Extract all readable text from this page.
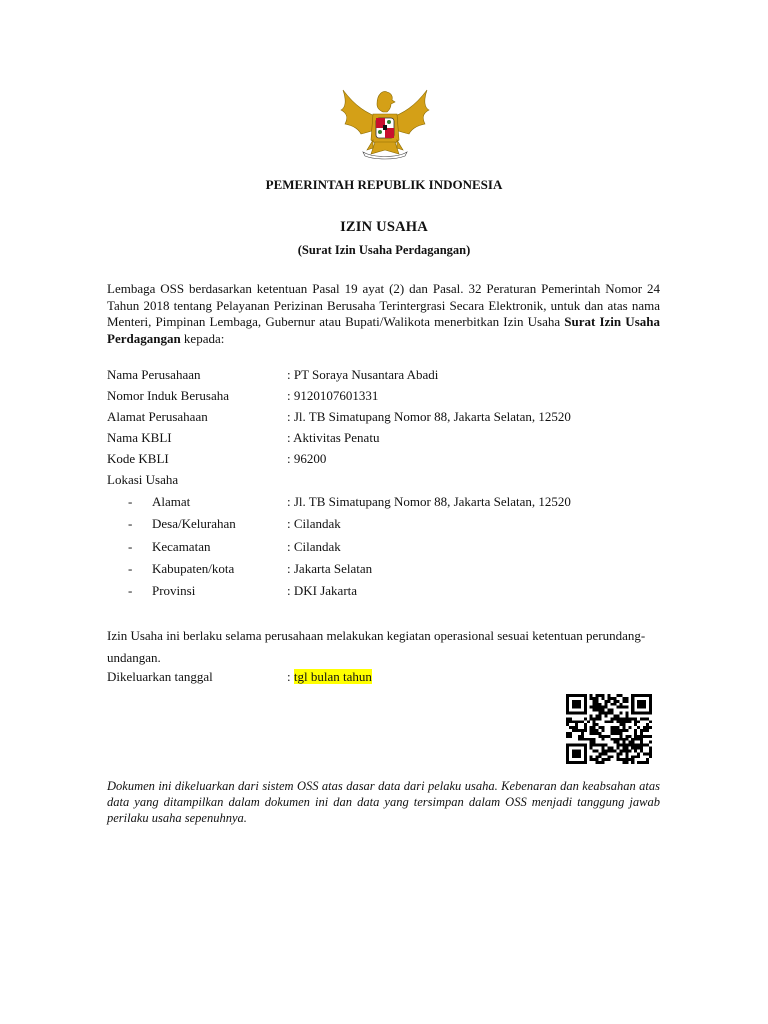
PEMERINTAH REPUBLIK INDONESIA
IZIN USAHA
(Surat Izin Usaha Perdagangan)
Lembaga OSS berdasarkan ketentuan Pasal 19 ayat (2) dan Pasal. 32 Peraturan Pemerintah Nomor 24 Tahun 2018 tentang Pelayanan Perizinan Berusaha Terintergrasi Secara Elektronik, untuk dan atas nama Menteri, Pimpinan Lembaga, Gubernur atau Bupati/Walikota menerbitkan Izin Usaha Surat Izin Usaha Perdagangan kepada:
Nama Perusahaan	: PT Soraya Nusantara Abadi
Nomor Induk Berusaha	: 9120107601331
Alamat Perusahaan	: Jl. TB Simatupang Nomor 88, Jakarta Selatan, 12520
Nama KBLI	: Aktivitas Penatu
Kode KBLI	: 96200
Lokasi Usaha
- Alamat	: Jl. TB Simatupang Nomor 88, Jakarta Selatan, 12520
- Desa/Kelurahan	: Cilandak
- Kecamatan	: Cilandak
- Kabupaten/kota	: Jakarta Selatan
- Provinsi	: DKI Jakarta
Izin Usaha ini berlaku selama perusahaan melakukan kegiatan operasional sesuai ketentuan perundang-undangan.
Dikeluarkan tanggal	: tgl bulan tahun
Dokumen ini dikeluarkan dari sistem OSS atas dasar data dari pelaku usaha. Kebenaran dan keabsahan atas data yang ditampilkan dalam dokumen ini dan data yang tersimpan dalam OSS menjadi tanggung jawab perilaku usaha sepenuhnya.
